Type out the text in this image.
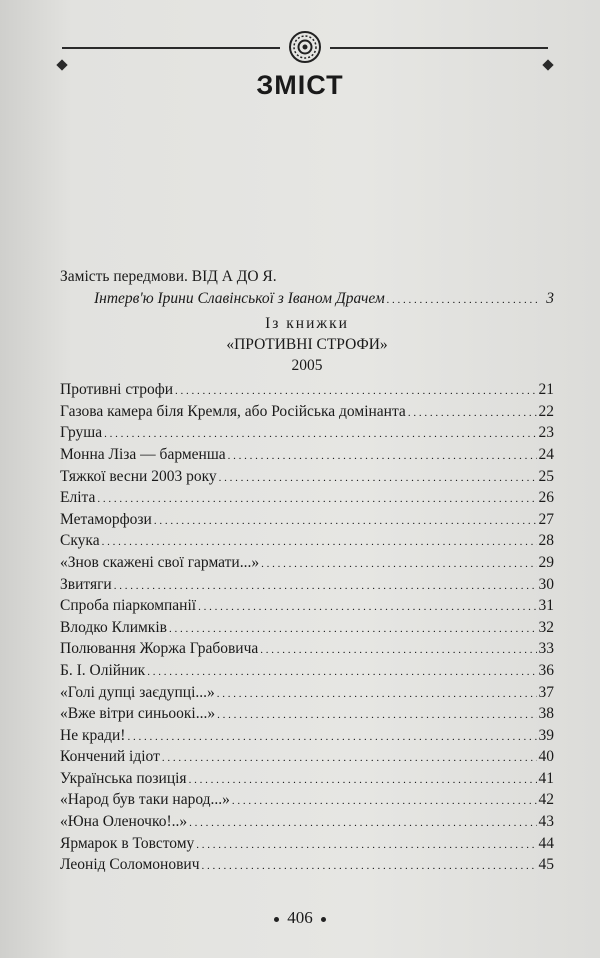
ЗМІСТ
Замість передмови. ВІД А ДО Я.
Інтерв'ю Ірини Славінської з Іваном Драчем . . .	3
Із книжки
«ПРОТИВНІ СТРОФИ»
2005
Противні строфи . . .	21
Газова камера біля Кремля, або Російська домінанта . . .	22
Груша . . .	23
Монна Ліза — барменша . . .	24
Тяжкої весни 2003 року . . .	25
Еліта . . .	26
Метаморфози . . .	27
Скука . . .	28
«Знов скажені свої гармати...» . . .	29
Звитяги . . .	30
Спроба піаркомпанії . . .	31
Влодко Климків . . .	32
Полювання Жоржа Грабовича . . .	33
Б. І. Олійник . . .	36
«Голі дупці заєдупці...» . . .	37
«Вже вітри синьоокі...» . . .	38
Не кради! . . .	39
Кончений ідіот . . .	40
Українська позиція . . .	41
«Народ був таки народ...» . . .	42
«Юна Оленочко!..» . . .	43
Ярмарок в Товстому . . .	44
Леонід Соломонович . . .	45
406
